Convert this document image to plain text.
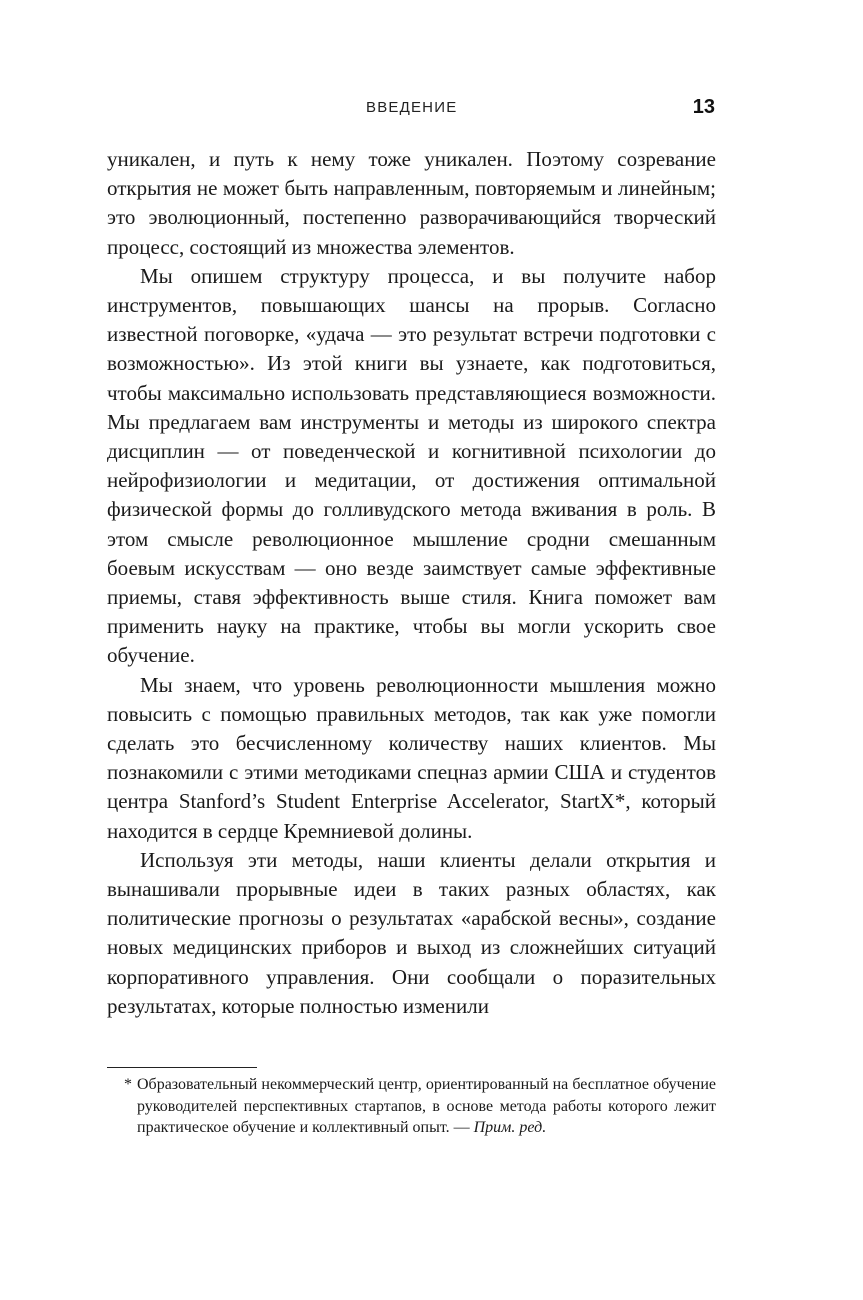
ВВЕДЕНИЕ	13

уникален, и путь к нему тоже уникален. Поэтому созревание открытия не может быть направленным, повторяемым и линейным; это эволюционный, постепенно разворачивающийся творческий процесс, состоящий из множества элементов.

Мы опишем структуру процесса, и вы получите набор инструментов, повышающих шансы на прорыв. Согласно известной поговорке, «удача — это результат встречи подготовки с возможностью». Из этой книги вы узнаете, как подготовиться, чтобы максимально использовать представляющиеся возможности. Мы предлагаем вам инструменты и методы из широкого спектра дисциплин — от поведенческой и когнитивной психологии до нейрофизиологии и медитации, от достижения оптимальной физической формы до голливудского метода вживания в роль. В этом смысле революционное мышление сродни смешанным боевым искусствам — оно везде заимствует самые эффективные приемы, ставя эффективность выше стиля. Книга поможет вам применить науку на практике, чтобы вы могли ускорить свое обучение.

Мы знаем, что уровень революционности мышления можно повысить с помощью правильных методов, так как уже помогли сделать это бесчисленному количеству наших клиентов. Мы познакомили с этими методиками спецназ армии США и студентов центра Stanford’s Student Enterprise Accelerator, StartX*, который находится в сердце Кремниевой долины.

Используя эти методы, наши клиенты делали открытия и вынашивали прорывные идеи в таких разных областях, как политические прогнозы о результатах «арабской весны», создание новых медицинских приборов и выход из сложнейших ситуаций корпоративного управления. Они сообщали о поразительных результатах, которые полностью изменили

* Образовательный некоммерческий центр, ориентированный на бесплатное обучение руководителей перспективных стартапов, в основе метода работы которого лежит практическое обучение и коллективный опыт. — Прим. ред.
